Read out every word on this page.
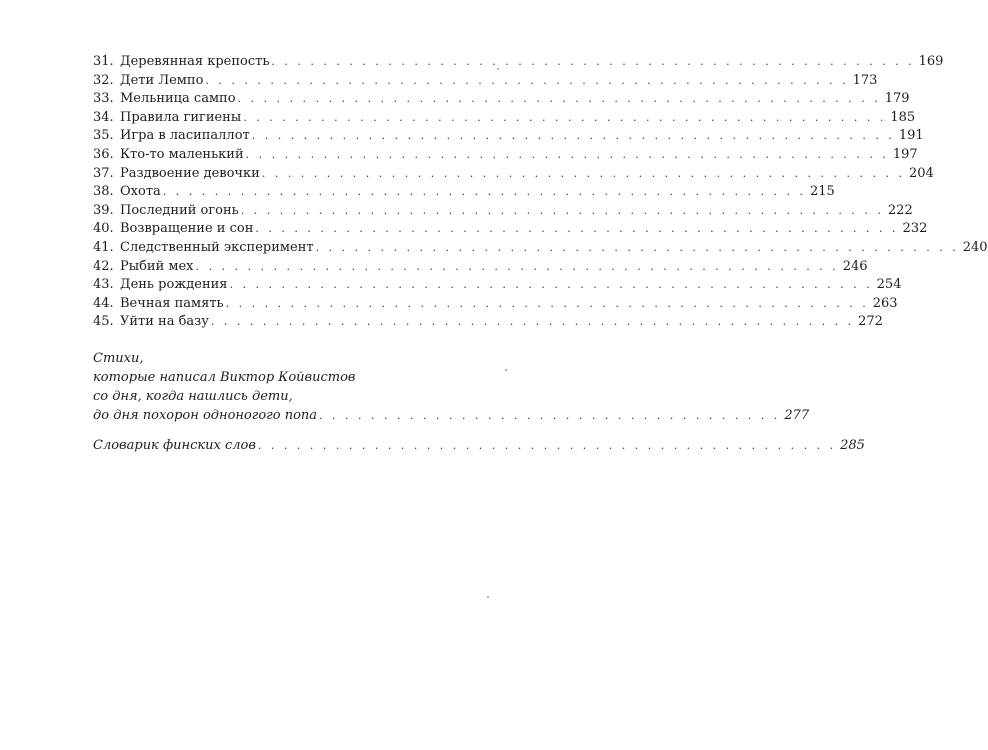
31. Деревянная крепость . . . . . . . . . . . . . . . . . . . . . . . . . . . . . . . . . . . . . . . . . . . . . . . . . . 169
32. Дети Лемпо . . . . . . . . . . . . . . . . . . . . . . . . . . . . . . . . . . . . . . . . . . . . . . . . . . 173
33. Мельница сампо . . . . . . . . . . . . . . . . . . . . . . . . . . . . . . . . . . . . . . . . . . . . . . . . . . 179
34. Правила гигиены . . . . . . . . . . . . . . . . . . . . . . . . . . . . . . . . . . . . . . . . . . . . . . . . . . 185
35. Игра в ласипаллот . . . . . . . . . . . . . . . . . . . . . . . . . . . . . . . . . . . . . . . . . . . . . . . . . . 191
36. Кто-то маленький . . . . . . . . . . . . . . . . . . . . . . . . . . . . . . . . . . . . . . . . . . . . . . . . . . 197
37. Раздвоение девочки . . . . . . . . . . . . . . . . . . . . . . . . . . . . . . . . . . . . . . . . . . . . . . . . . . 204
38. Охота . . . . . . . . . . . . . . . . . . . . . . . . . . . . . . . . . . . . . . . . . . . . . . . . . . 215
39. Последний огонь . . . . . . . . . . . . . . . . . . . . . . . . . . . . . . . . . . . . . . . . . . . . . . . . . . 222
40. Возвращение и сон . . . . . . . . . . . . . . . . . . . . . . . . . . . . . . . . . . . . . . . . . . . . . . . . . . 232
41. Следственный эксперимент . . . . . . . . . . . . . . . . . . . . . . . . . . . . . . . . . . . . . . . . . . . . . . . . . . 240
42. Рыбий мех . . . . . . . . . . . . . . . . . . . . . . . . . . . . . . . . . . . . . . . . . . . . . . . . . . 246
43. День рождения . . . . . . . . . . . . . . . . . . . . . . . . . . . . . . . . . . . . . . . . . . . . . . . . . . 254
44. Вечная память . . . . . . . . . . . . . . . . . . . . . . . . . . . . . . . . . . . . . . . . . . . . . . . . . . 263
45. Уйти на базу . . . . . . . . . . . . . . . . . . . . . . . . . . . . . . . . . . . . . . . . . . . . . . . . . . 272
Стихи,
которые написал Виктор Койвистов
со дня, когда нашлись дети,
до дня похорон одноногого попа . . . . . . . . . . . . . . . . . . . . . . . . . . . . . . . . . . . . 277
Словарик финских слов . . . . . . . . . . . . . . . . . . . . . . . . . . . . . . . . . . . . . . . . . . . . . 285
